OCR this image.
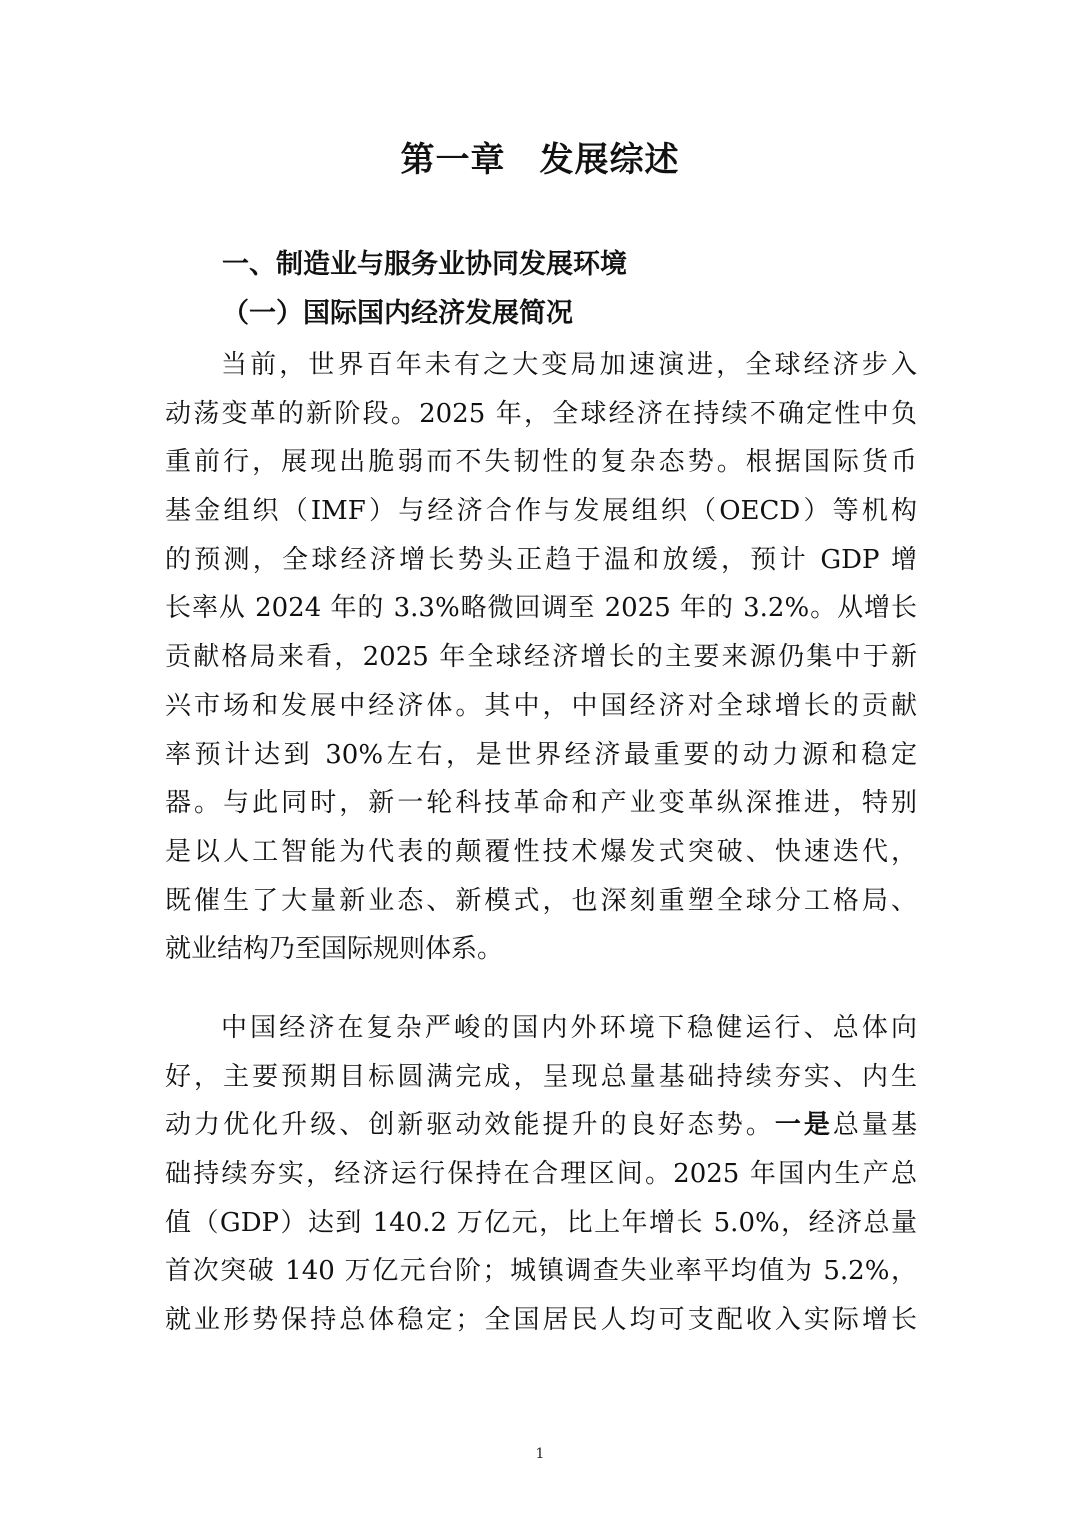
第一章 发展综述
一、制造业与服务业协同发展环境
（一）国际国内经济发展简况
当前，世界百年未有之大变局加速演进，全球经济步入
动荡变革的新阶段。2025 年，全球经济在持续不确定性中负
重前行，展现出脆弱而不失韧性的复杂态势。根据国际货币
基金组织（IMF）与经济合作与发展组织（OECD）等机构
的预测，全球经济增长势头正趋于温和放缓，预计 GDP 增
长率从 2024 年的 3.3%略微回调至 2025 年的 3.2%。从增长
贡献格局来看，2025 年全球经济增长的主要来源仍集中于新
兴市场和发展中经济体。其中，中国经济对全球增长的贡献
率预计达到 30%左右，是世界经济最重要的动力源和稳定
器。与此同时，新一轮科技革命和产业变革纵深推进，特别
是以人工智能为代表的颠覆性技术爆发式突破、快速迭代，
既催生了大量新业态、新模式，也深刻重塑全球分工格局、
就业结构乃至国际规则体系。
中国经济在复杂严峻的国内外环境下稳健运行、总体向
好，主要预期目标圆满完成，呈现总量基础持续夯实、内生
动力优化升级、创新驱动效能提升的良好态势。一是总量基
础持续夯实，经济运行保持在合理区间。2025 年国内生产总
值（GDP）达到 140.2 万亿元，比上年增长 5.0%，经济总量
首次突破 140 万亿元台阶；城镇调查失业率平均值为 5.2%，
就业形势保持总体稳定；全国居民人均可支配收入实际增长
1
